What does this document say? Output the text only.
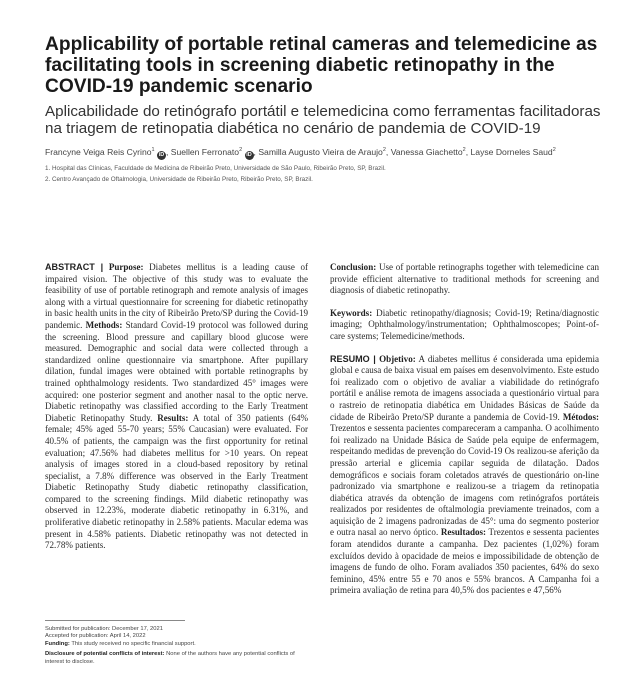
Applicability of portable retinal cameras and telemedicine as facilitating tools in screening diabetic retinopathy in the COVID-19 pandemic scenario
Aplicabilidade do retinógrafo portátil e telemedicina como ferramentas facilitadoras na triagem de retinopatia diabética no cenário de pandemia de COVID-19
Francyne Veiga Reis Cyrino$^1$ iD , Suellen Ferronato$^2$ iD , Samilla Augusto Vieira de Araujo$^2$, Vanessa Giachetto$^2$, Layse Dorneles Saud$^2$
1. Hospital das Clínicas, Faculdade de Medicina de Ribeirão Preto, Universidade de São Paulo, Ribeirão Preto, SP, Brazil.
2. Centro Avançado de Oftalmologia, Universidade de Ribeirão Preto, Ribeirão Preto, SP, Brazil.

ABSTRACT | Purpose: Diabetes mellitus is a leading cause of impaired vision. The objective of this study was to evaluate the feasibility of use of portable retinograph and remote analysis of images along with a virtual questionnaire for screening for diabetic retinopathy in basic health units in the city of Ribeirão Preto/SP during the Covid-19 pandemic. Methods: Standard Covid-19 protocol was followed during the screening. Blood pressure and capillary blood glucose were measured. Demographic and social data were collected through a standardized online questionnaire via smartphone. After pupillary dilation, fundal images were obtained with portable retinographs by trained ophthalmology residents. Two standardized 45° images were acquired: one posterior segment and another nasal to the optic nerve. Diabetic retinopathy was classified according to the Early Treatment Diabetic Retinopathy Study. Results: A total of 350 patients (64% female; 45% aged 55-70 years; 55% Caucasian) were evaluated. For 40.5% of patients, the campaign was the first opportunity for retinal evaluation; 47.56% had diabetes mellitus for >10 years. On repeat analysis of images stored in a cloud-based repository by retinal specialist, a 7.8% difference was observed in the Early Treatment Diabetic Retinopathy Study diabetic retinopathy classification, compared to the screening findings. Mild diabetic retinopathy was observed in 12.23%, moderate diabetic retinopathy in 6.31%, and proliferative diabetic retinopathy in 2.58% patients. Macular edema was present in 4.58% patients. Diabetic retinopathy was not detected in 72.78% patients.

Conclusion: Use of portable retinographs together with telemedicine can provide efficient alternative to traditional methods for screening and diagnosis of diabetic retinopathy.

Keywords: Diabetic retinopathy/diagnosis; Covid-19; Retina/diagnostic imaging; Ophthalmology/instrumentation; Ophthalmoscopes; Point-of-care systems; Telemedicine/methods.

RESUMO | Objetivo: A diabetes mellitus é considerada uma epidemia global e causa de baixa visual em países em desenvolvimento. Este estudo foi realizado com o objetivo de avaliar a viabilidade do retinógrafo portátil e análise remota de imagens associada a questionário virtual para o rastreio de retinopatia diabética em Unidades Básicas de Saúde da cidade de Ribeirão Preto/SP durante a pandemia de Covid-19. Métodos: Trezentos e sessenta pacientes compareceram a campanha. O acolhimento foi realizado na Unidade Básica de Saúde pela equipe de enfermagem, respeitando medidas de prevenção do Covid-19 Os realizou-se aferição da pressão arterial e glicemia capilar seguida de dilatação. Dados demográficos e sociais foram coletados através de questionário on-line padronizado via smartphone e realizou-se a triagem da retinopatia diabética através da obtenção de imagens com retinógrafos portáteis realizados por residentes de oftalmologia previamente treinados, com a aquisição de 2 imagens padronizadas de 45°: uma do segmento posterior e outra nasal ao nervo óptico. Resultados: Trezentos e sessenta pacientes foram atendidos durante a campanha. Dez pacientes (1,02%) foram excluídos devido à opacidade de meios e impossibilidade de obtenção de imagens de fundo de olho. Foram avaliados 350 pacientes, 64% do sexo feminino, 45% entre 55 e 70 anos e 55% brancos. A Campanha foi a primeira avaliação de retina para 40,5% dos pacientes e 47,56%

Submitted for publication: December 17, 2021
Accepted for publication: April 14, 2022
Funding: This study received no specific financial support.
Disclosure of potential conflicts of interest: None of the authors have any potential conflicts of interest to disclose.
